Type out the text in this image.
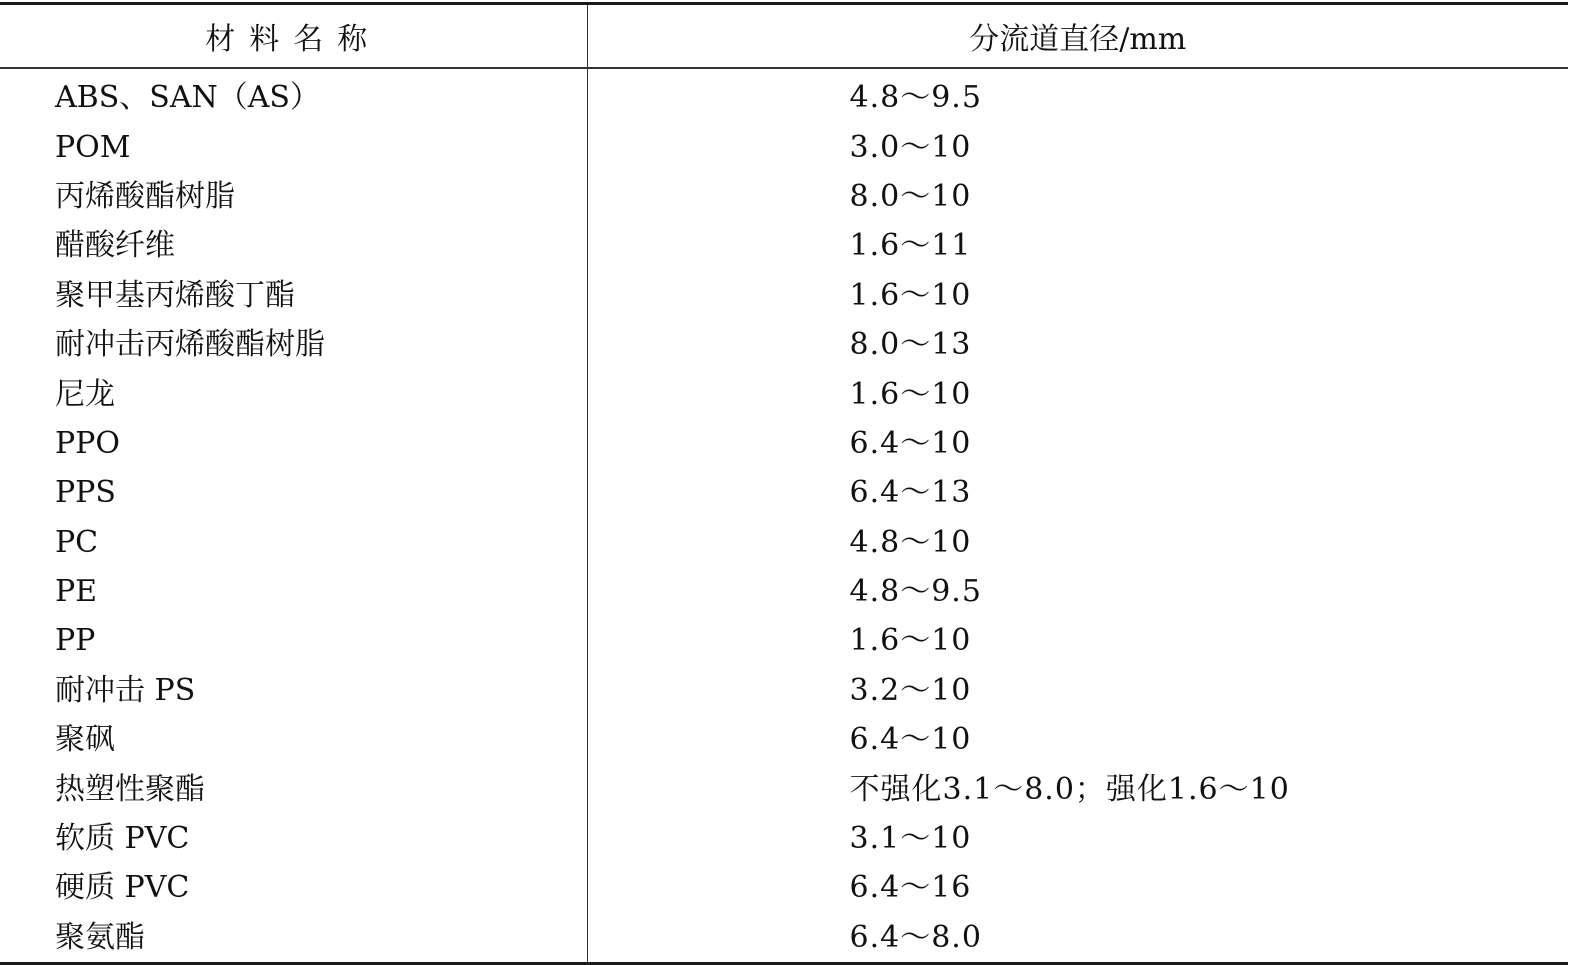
材料名称	分流道直径/mm
ABS、SAN（AS）	4.8～9.5
POM	3.0～10
丙烯酸酯树脂	8.0～10
醋酸纤维	1.6～11
聚甲基丙烯酸丁酯	1.6～10
耐冲击丙烯酸酯树脂	8.0～13
尼龙	1.6～10
PPO	6.4～10
PPS	6.4～13
PC	4.8～10
PE	4.8～9.5
PP	1.6～10
耐冲击 PS	3.2～10
聚砜	6.4～10
热塑性聚酯	不强化3.1～8.0；强化1.6～10
软质 PVC	3.1～10
硬质 PVC	6.4～16
聚氨酯	6.4～8.0
